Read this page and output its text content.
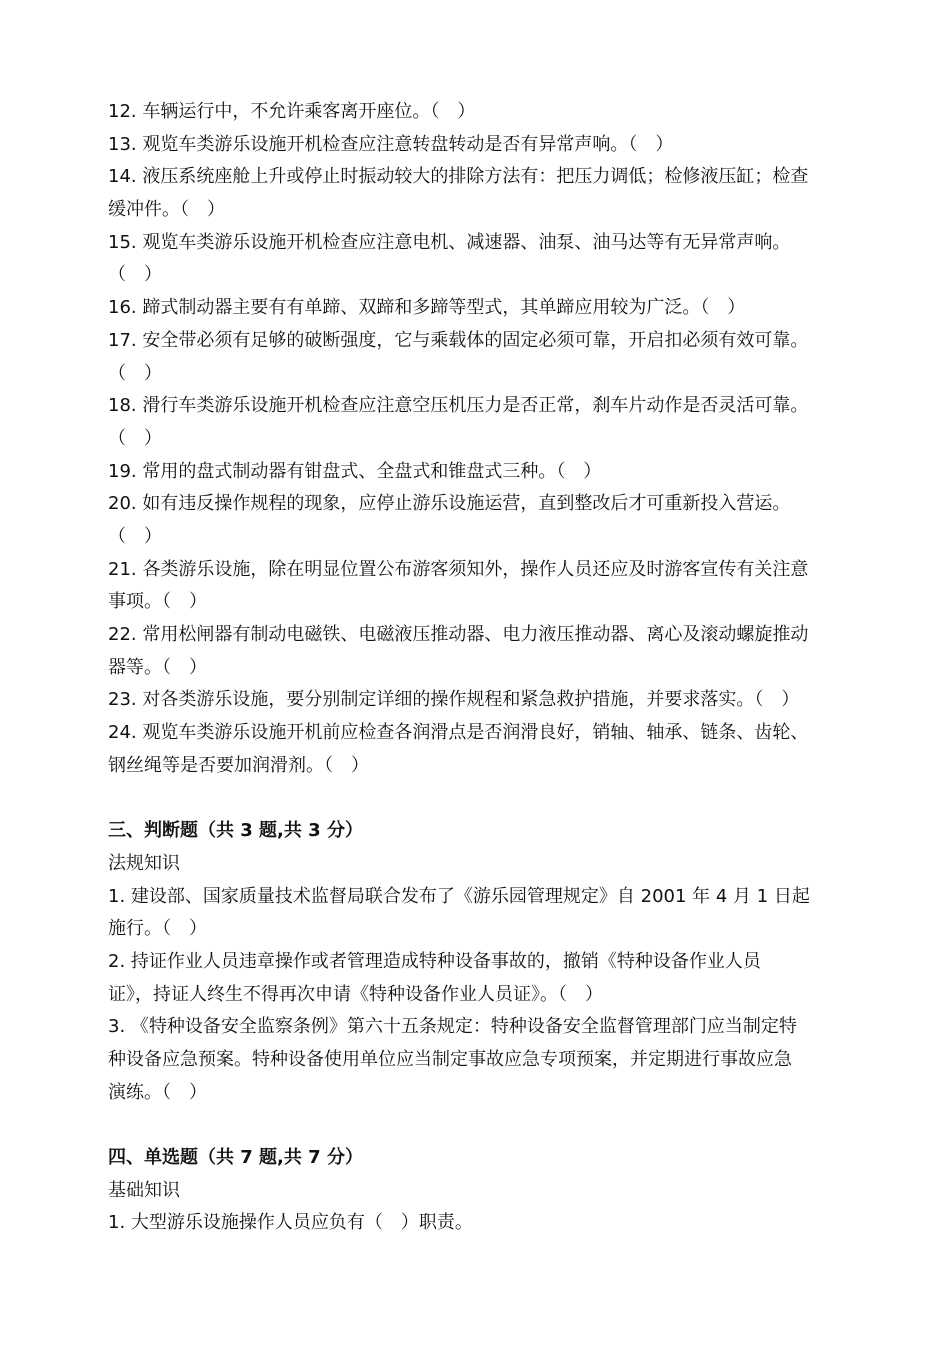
12. 车辆运行中，不允许乘客离开座位。（　）
13. 观览车类游乐设施开机检查应注意转盘转动是否有异常声响。（　）
14. 液压系统座舱上升或停止时振动较大的排除方法有：把压力调低；检修液压缸；检查
缓冲件。（　）
15. 观览车类游乐设施开机检查应注意电机、减速器、油泵、油马达等有无异常声响。
（　）
16. 蹄式制动器主要有有单蹄、双蹄和多蹄等型式，其单蹄应用较为广泛。（　）
17. 安全带必须有足够的破断强度，它与乘载体的固定必须可靠，开启扣必须有效可靠。
（　）
18. 滑行车类游乐设施开机检查应注意空压机压力是否正常，刹车片动作是否灵活可靠。
（　）
19. 常用的盘式制动器有钳盘式、全盘式和锥盘式三种。（　）
20. 如有违反操作规程的现象，应停止游乐设施运营，直到整改后才可重新投入营运。
（　）
21. 各类游乐设施，除在明显位置公布游客须知外，操作人员还应及时游客宣传有关注意
事项。（　）
22. 常用松闸器有制动电磁铁、电磁液压推动器、电力液压推动器、离心及滚动螺旋推动
器等。（　）
23. 对各类游乐设施，要分别制定详细的操作规程和紧急救护措施，并要求落实。（　）
24. 观览车类游乐设施开机前应检查各润滑点是否润滑良好，销轴、轴承、链条、齿轮、
钢丝绳等是否要加润滑剂。（　）
三、判断题（共 3 题,共 3 分）
法规知识
1. 建设部、国家质量技术监督局联合发布了《游乐园管理规定》自 2001 年 4 月 1 日起
施行。（　）
2. 持证作业人员违章操作或者管理造成特种设备事故的，撤销《特种设备作业人员
证》，持证人终生不得再次申请《特种设备作业人员证》。（　）
3. 《特种设备安全监察条例》第六十五条规定：特种设备安全监督管理部门应当制定特
种设备应急预案。特种设备使用单位应当制定事故应急专项预案，并定期进行事故应急
演练。（　）
四、单选题（共 7 题,共 7 分）
基础知识
1. 大型游乐设施操作人员应负有（　）职责。
